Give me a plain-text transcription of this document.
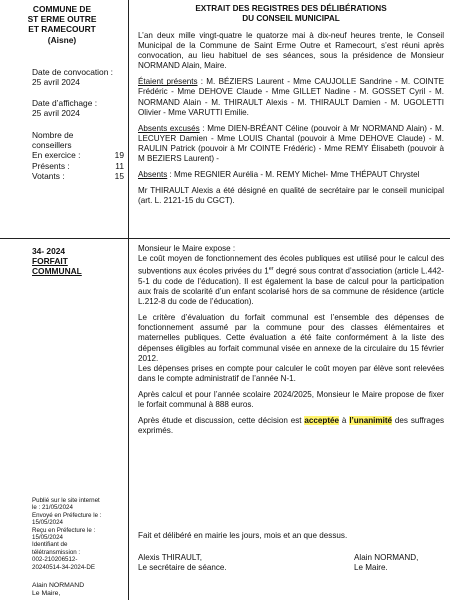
COMMUNE DE
ST ERME OUTRE
ET RAMECOURT
(Aisne)
Date de convocation :
25 avril 2024
Date d’affichage :
25 avril 2024
Nombre de
conseillers
En exercice :	19
Présents :	11
Votants :	15
34- 2024
FORFAIT
COMMUNAL
Publié sur le site internet
le : 21/05/2024
Envoyé en Préfecture le :
15/05/2024
Reçu en Préfecture le :
15/05/2024
Identifiant de
télétransmission :
002-210206512-
20240514-34-2024-DE
Alain NORMAND
Le Maire,
EXTRAIT DES REGISTRES DES DÉLIBÉRATIONS
DU CONSEIL MUNICIPAL

L’an deux mille vingt-quatre le quatorze mai à dix-neuf heures trente, le Conseil Municipal de la Commune de Saint Erme Outre et Ramecourt, s’est réuni après convocation, au lieu habituel de ses séances, sous la présidence de Monsieur NORMAND Alain, Maire.

Étaient présents : M. BÉZIERS Laurent - Mme CAUJOLLE Sandrine - M. COINTE Frédéric - Mme DEHOVE Claude - Mme GILLET Nadine - M. GOSSET Cyril - M. NORMAND Alain - M. THIRAULT Alexis - M. THIRAULT Damien - M. UGOLETTI Olivier - Mme VARUTTI Emilie.

Absents excusés : Mme DIEN-BRÉANT Céline (pouvoir à Mr NORMAND Alain) - M. LECUYER Damien - Mme LOUIS Chantal (pouvoir à Mme DEHOVE Claude) - M. RAULIN Patrick (pouvoir à Mr COINTE Frédéric) - Mme REMY Élisabeth (pouvoir à M BEZIERS Laurent) -

Absents : Mme REGNIER Aurélia - M. REMY Michel- Mme THÉPAUT Chrystel

Mr THIRAULT Alexis a été désigné en qualité de secrétaire par le conseil municipal (art. L. 2121-15 du CGCT).

Monsieur le Maire expose :

Le coût moyen de fonctionnement des écoles publiques est utilisé pour le calcul des subventions aux écoles privées du 1er degré sous contrat d’association (article L.442-5-1 du code de l’éducation). Il est également la base de calcul pour la participation aux frais de scolarité d’un enfant scolarisé hors de sa commune de résidence (article L.212-8 du code de l’éducation).

Le critère d’évaluation du forfait communal est l’ensemble des dépenses de fonctionnement assumé par la commune pour des classes élémentaires et maternelles publiques. Cette évaluation a été faite conformément à la liste des dépenses éligibles au forfait communal visée en annexe de la circulaire du 15 février 2012.

Les dépenses prises en compte pour calculer le coût moyen par élève sont relevées dans le compte administratif de l’année N-1.

Après calcul et pour l’année scolaire 2024/2025, Monsieur le Maire propose de fixer le forfait communal à 888 euros.

Après étude et discussion, cette décision est acceptée à l’unanimité des suffrages exprimés.

Fait et délibéré en mairie les jours, mois et an que dessus.
Alexis THIRAULT,
Le secrétaire de séance.
Alain NORMAND,
Le Maire.
